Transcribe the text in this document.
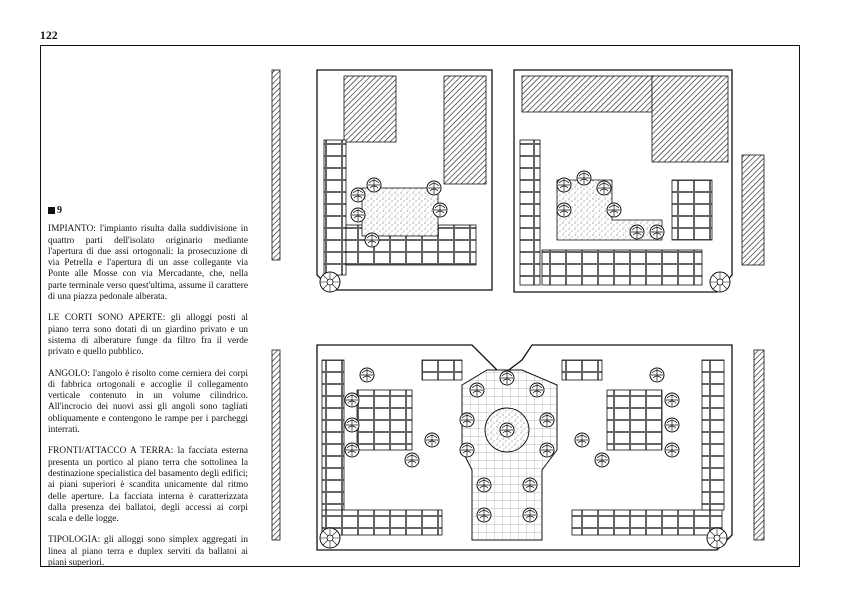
122
9

IMPIANTO: l'impianto risulta dalla suddivisione in quattro parti dell'isolato originario mediante l'apertura di due assi ortogonali: la prosecuzione di via Petrella e l'apertura di un asse collegante via Ponte alle Mosse con via Mercadante, che, nella parte terminale verso quest'ultima, assume il carattere di una piazza pedonale alberata.

LE CORTI SONO APERTE: gli alloggi posti al piano terra sono dotati di un giardino privato e un sistema di alberature funge da filtro fra il verde privato e quello pubblico.

ANGOLO: l'angolo è risolto come cerniera dei corpi di fabbrica ortogonali e accoglie il collegamento verticale contenuto in un volume cilindrico. All'incrocio dei nuovi assi gli angoli sono tagliati obliquamente e contengono le rampe per i parcheggi interrati.

FRONTI/ATTACCO A TERRA: la facciata esterna presenta un portico al piano terra che sottolinea la destinazione specialistica del basamento degli edifici; ai piani superiori è scandita unicamente dal ritmo delle aperture. La facciata interna è caratterizzata dalla presenza dei ballatoi, degli accessi ai corpi scala e delle logge.

TIPOLOGIA: gli alloggi sono simplex aggregati in linea al piano terra e duplex serviti da ballatoi ai piani superiori.
